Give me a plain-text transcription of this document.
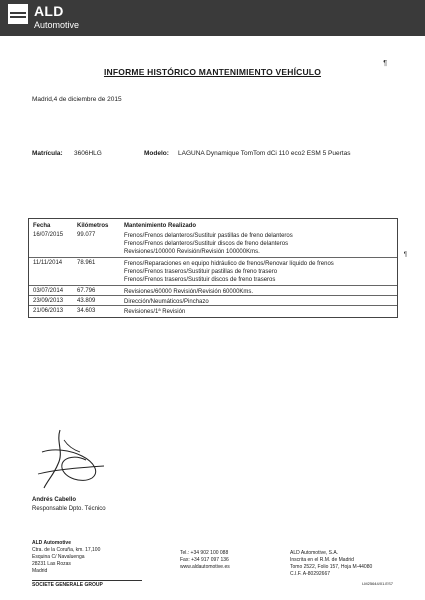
ALD
Automotive
¶
INFORME HISTÓRICO MANTENIMIENTO VEHÍCULO
Madrid,4 de diciembre de 2015
Matrícula: 3606HLG	Modelo: LAGUNA Dynamique TomTom dCi 110 eco2 ESM 5 Puertas
Fecha	Kilómetros	Mantenimiento Realizado
16/07/2015 99.077	Frenos/Frenos delanteros/Sustituir pastillas de freno delanteros
Frenos/Frenos delanteros/Sustituir discos de freno delanteros
Revisiones/100000 Revisión/Revisión 100000Kms.
11/11/2014 78.961	Frenos/Reparaciones en equipo hidráulico de frenos/Renovar líquido de frenos
Frenos/Frenos traseros/Sustituir pastillas de freno trasero
Frenos/Frenos traseros/Sustituir discos de freno traseros
03/07/2014 67.796	Revisiones/60000 Revisión/Revisión 60000Kms.
23/09/2013 43.809	Dirección/Neumáticos/Pinchazo
21/06/2013 34.603	Revisiones/1ª Revisión
¶
Andrés Cabello
Responsable Dpto. Técnico
ALD Automotive
Ctra. de la Coruña, km. 17,100
Esquina C/ Navaluenga
28231 Las Rozas
Madrid
Tel.: +34 902 100 088
Fax: +34 917 097 136
www.aldautomotive.es
ALD Automotive, S.A.
Inscrita en el R.M. de Madrid
Tomo 2522, Folio 157, Hoja M-44080
C.I.F. A-80292667
SOCIETE GENERALE GROUP	LM25644/01.ES7
